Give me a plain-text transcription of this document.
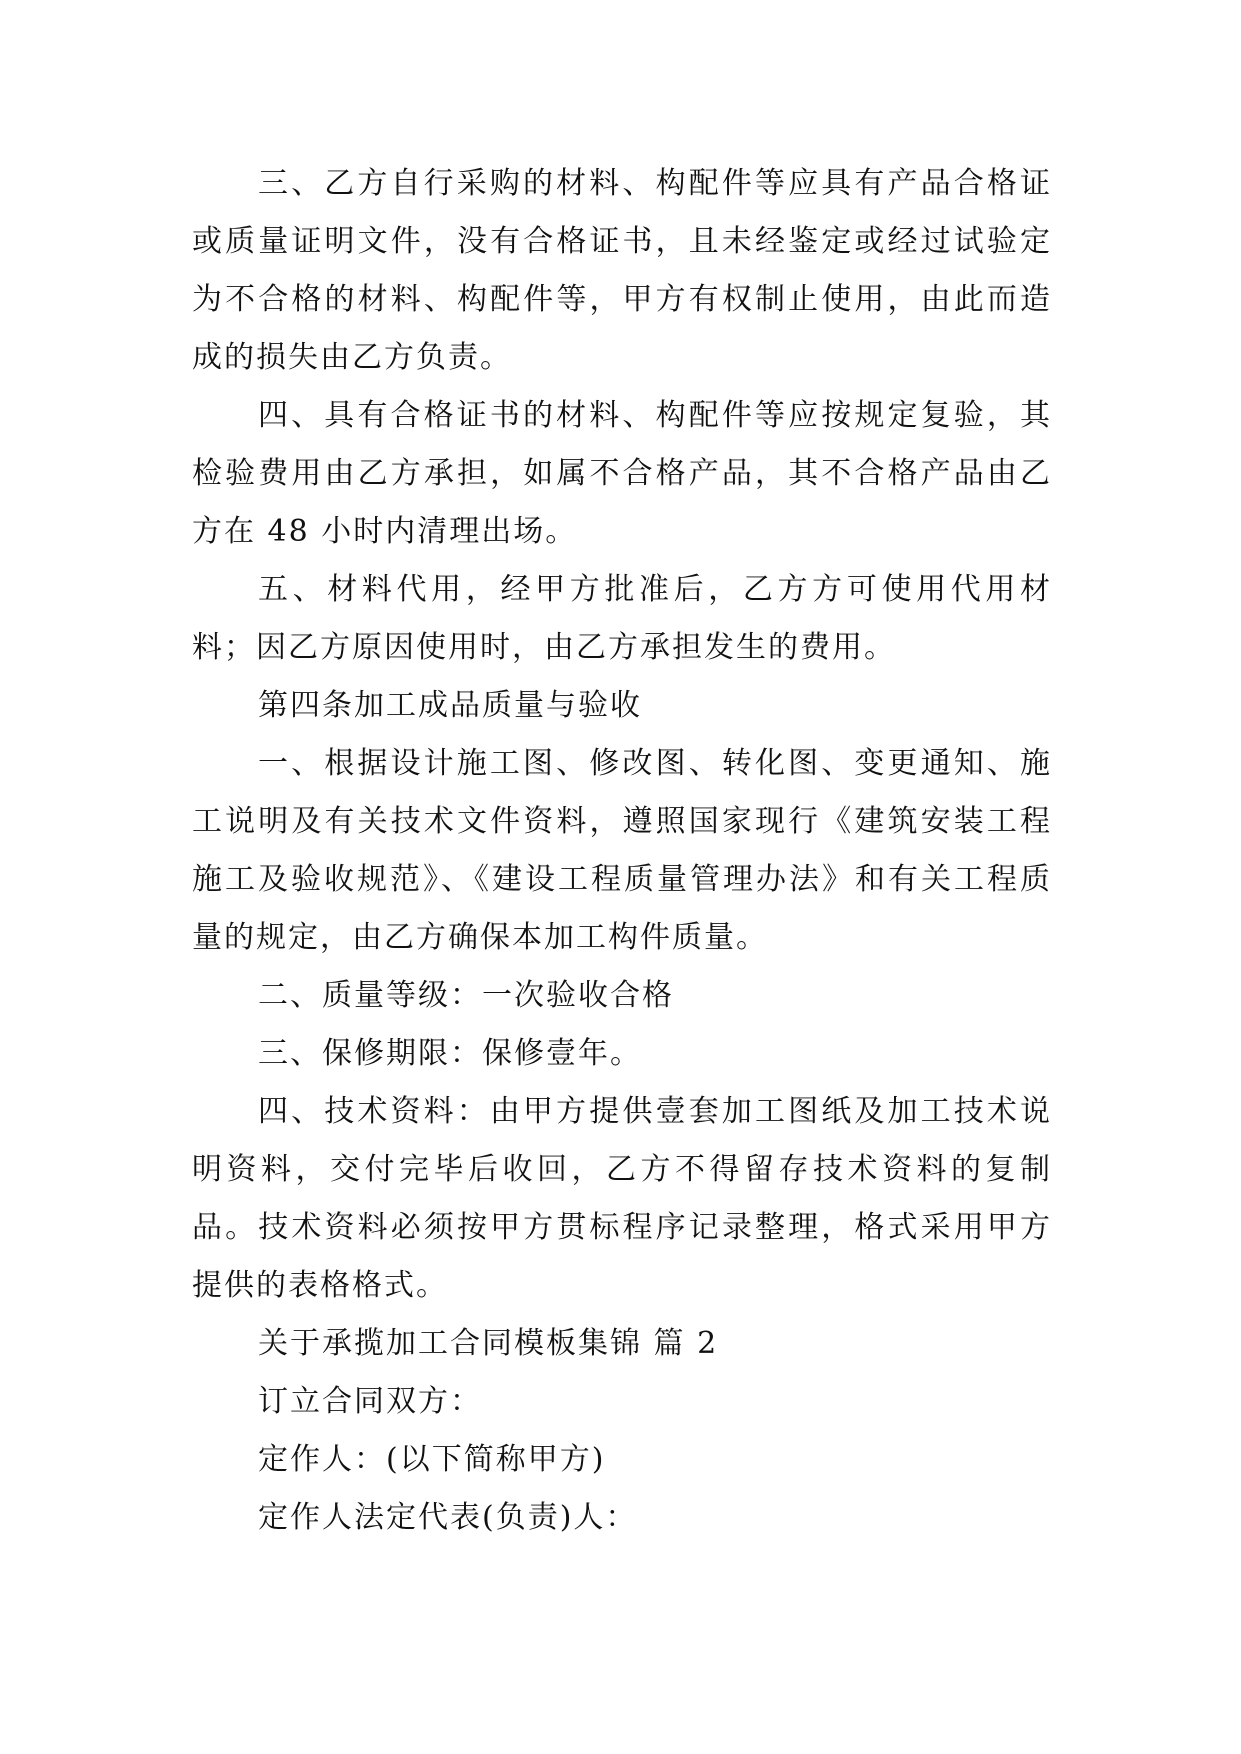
三、乙方自行采购的材料、构配件等应具有产品合格证或质量证明文件，没有合格证书，且未经鉴定或经过试验定为不合格的材料、构配件等，甲方有权制止使用，由此而造成的损失由乙方负责。

四、具有合格证书的材料、构配件等应按规定复验，其检验费用由乙方承担，如属不合格产品，其不合格产品由乙方在 48 小时内清理出场。

五、材料代用，经甲方批准后，乙方方可使用代用材料；因乙方原因使用时，由乙方承担发生的费用。

第四条加工成品质量与验收

一、根据设计施工图、修改图、转化图、变更通知、施工说明及有关技术文件资料，遵照国家现行《建筑安装工程施工及验收规范》、《建设工程质量管理办法》和有关工程质量的规定，由乙方确保本加工构件质量。

二、质量等级：一次验收合格

三、保修期限：保修壹年。

四、技术资料：由甲方提供壹套加工图纸及加工技术说明资料，交付完毕后收回，乙方不得留存技术资料的复制品。技术资料必须按甲方贯标程序记录整理，格式采用甲方提供的表格格式。

关于承揽加工合同模板集锦 篇 2

订立合同双方：

定作人：(以下简称甲方)

定作人法定代表(负责)人：
